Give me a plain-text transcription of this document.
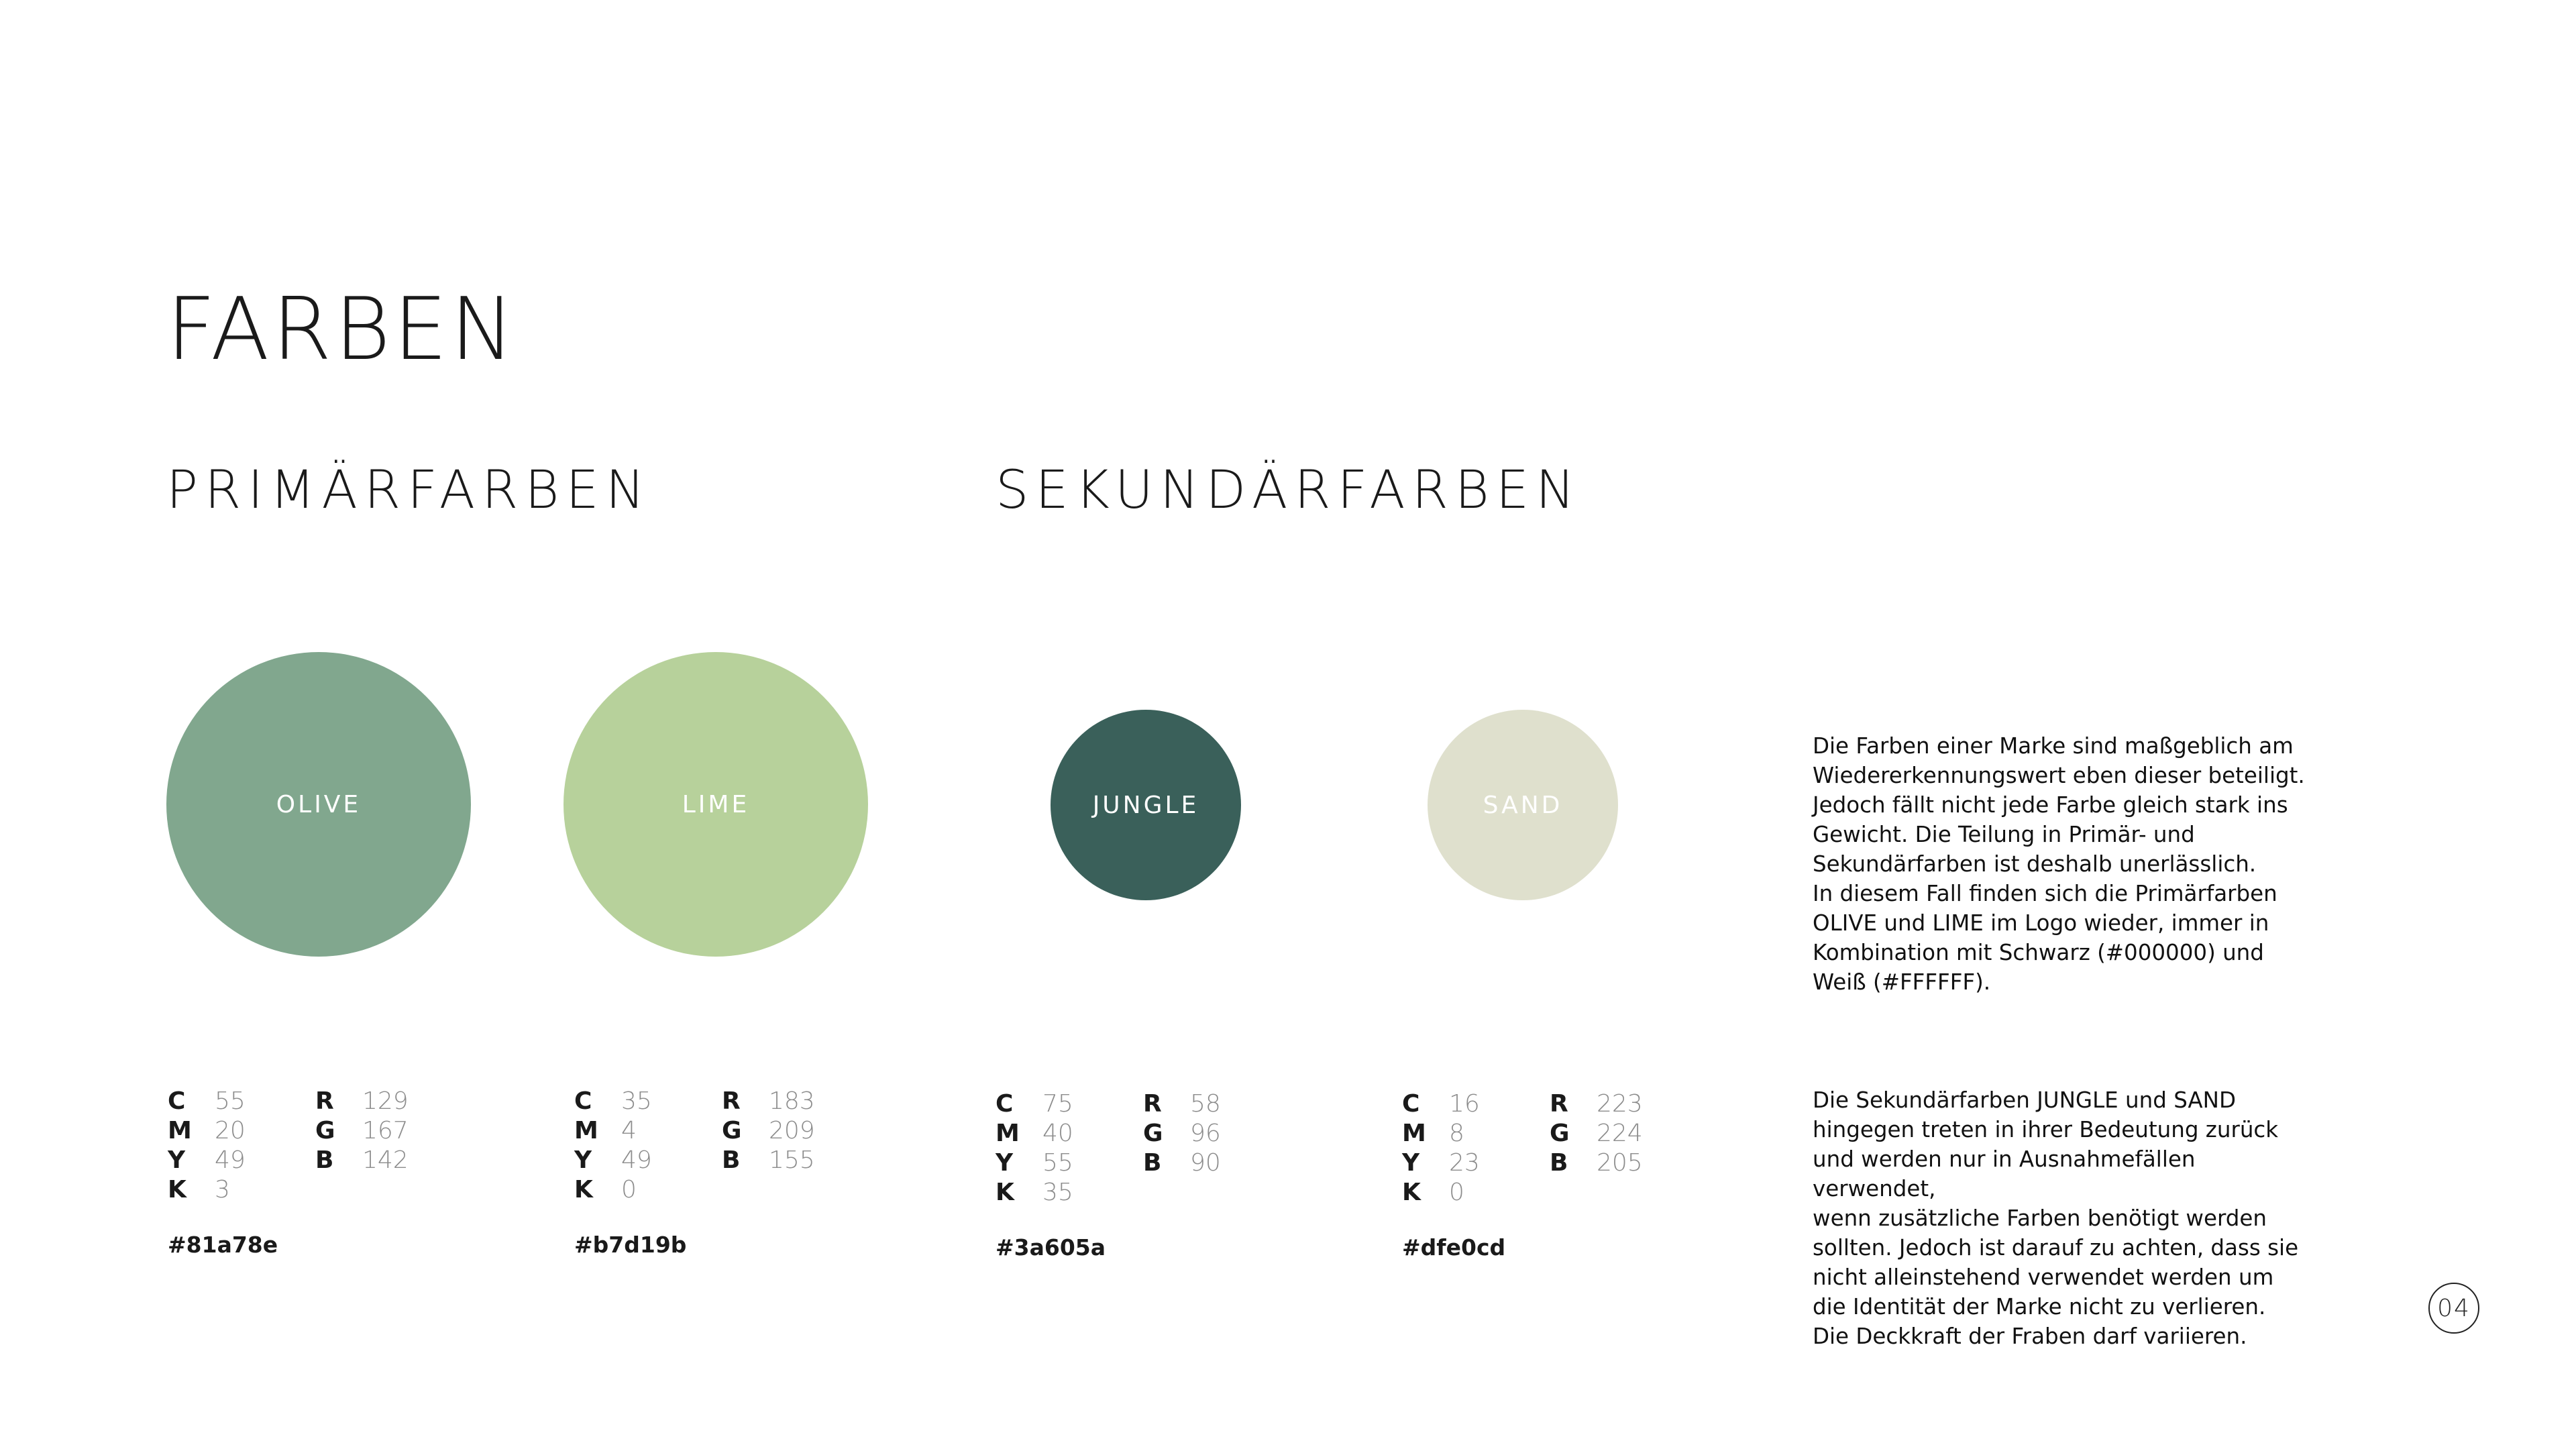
FARBEN
PRIMÄRFARBEN	SEKUNDÄRFARBEN
OLIVE
C 55	R 129
M 20	G 167
Y 49	B 142
K 3
#81a78e
LIME
C 35	R 183
M 4	G 209
Y 49	B 155
K 0
#b7d19b
JUNGLE
C 75	R 58
M 40	G 96
Y 55	B 90
K 35
#3a605a
SAND
C 16	R 223
M 8	G 224
Y 23	B 205
K 0
#dfe0cd

Die Farben einer Marke sind maßgeblich am
Wiedererkennungswert eben dieser beteiligt.
Jedoch fällt nicht jede Farbe gleich stark ins
Gewicht. Die Teilung in Primär- und
Sekundärfarben ist deshalb unerlässlich.
In diesem Fall finden sich die Primärfarben
OLIVE und LIME im Logo wieder, immer in
Kombination mit Schwarz (#000000) und
Weiß (#FFFFFF).

Die Sekundärfarben JUNGLE und SAND
hingegen treten in ihrer Bedeutung zurück
und werden nur in Ausnahmefällen verwendet,
wenn zusätzliche Farben benötigt werden
sollten. Jedoch ist darauf zu achten, dass sie
nicht alleinstehend verwendet werden um
die Identität der Marke nicht zu verlieren.
Die Deckkraft der Fraben darf variieren.

04
